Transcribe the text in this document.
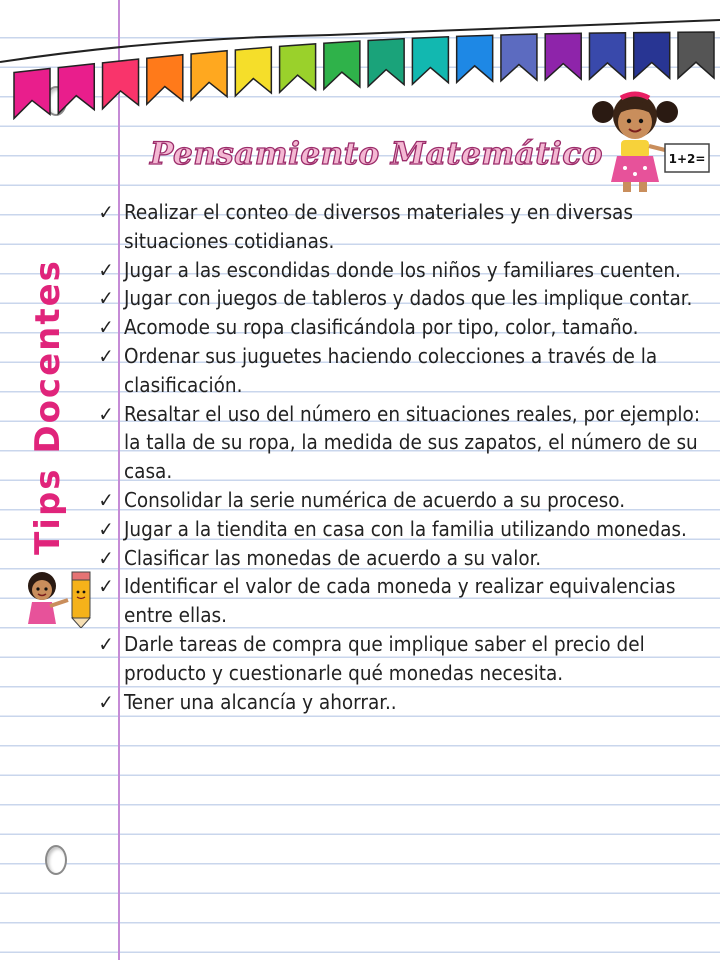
Pensamiento Matemático
Tips Docentes
1+2=
✓ Realizar el conteo de diversos materiales y en diversas situaciones cotidianas.
✓ Jugar a las escondidas donde los niños y familiares cuenten.
✓ Jugar con juegos de tableros y dados que les implique contar.
✓ Acomode su ropa clasificándola por tipo, color, tamaño.
✓ Ordenar sus juguetes haciendo colecciones a través de la clasificación.
✓ Resaltar el uso del número en situaciones reales, por ejemplo: la talla de su ropa, la medida de sus zapatos, el número de su casa.
✓ Consolidar la serie numérica de acuerdo a su proceso.
✓ Jugar a la tiendita en casa con la familia utilizando monedas.
✓ Clasificar las monedas de acuerdo a su valor.
✓ Identificar el valor de cada moneda y realizar equivalencias entre ellas.
✓ Darle tareas de compra que implique saber el precio del producto y cuestionarle qué monedas necesita.
✓ Tener una alcancía y ahorrar..
